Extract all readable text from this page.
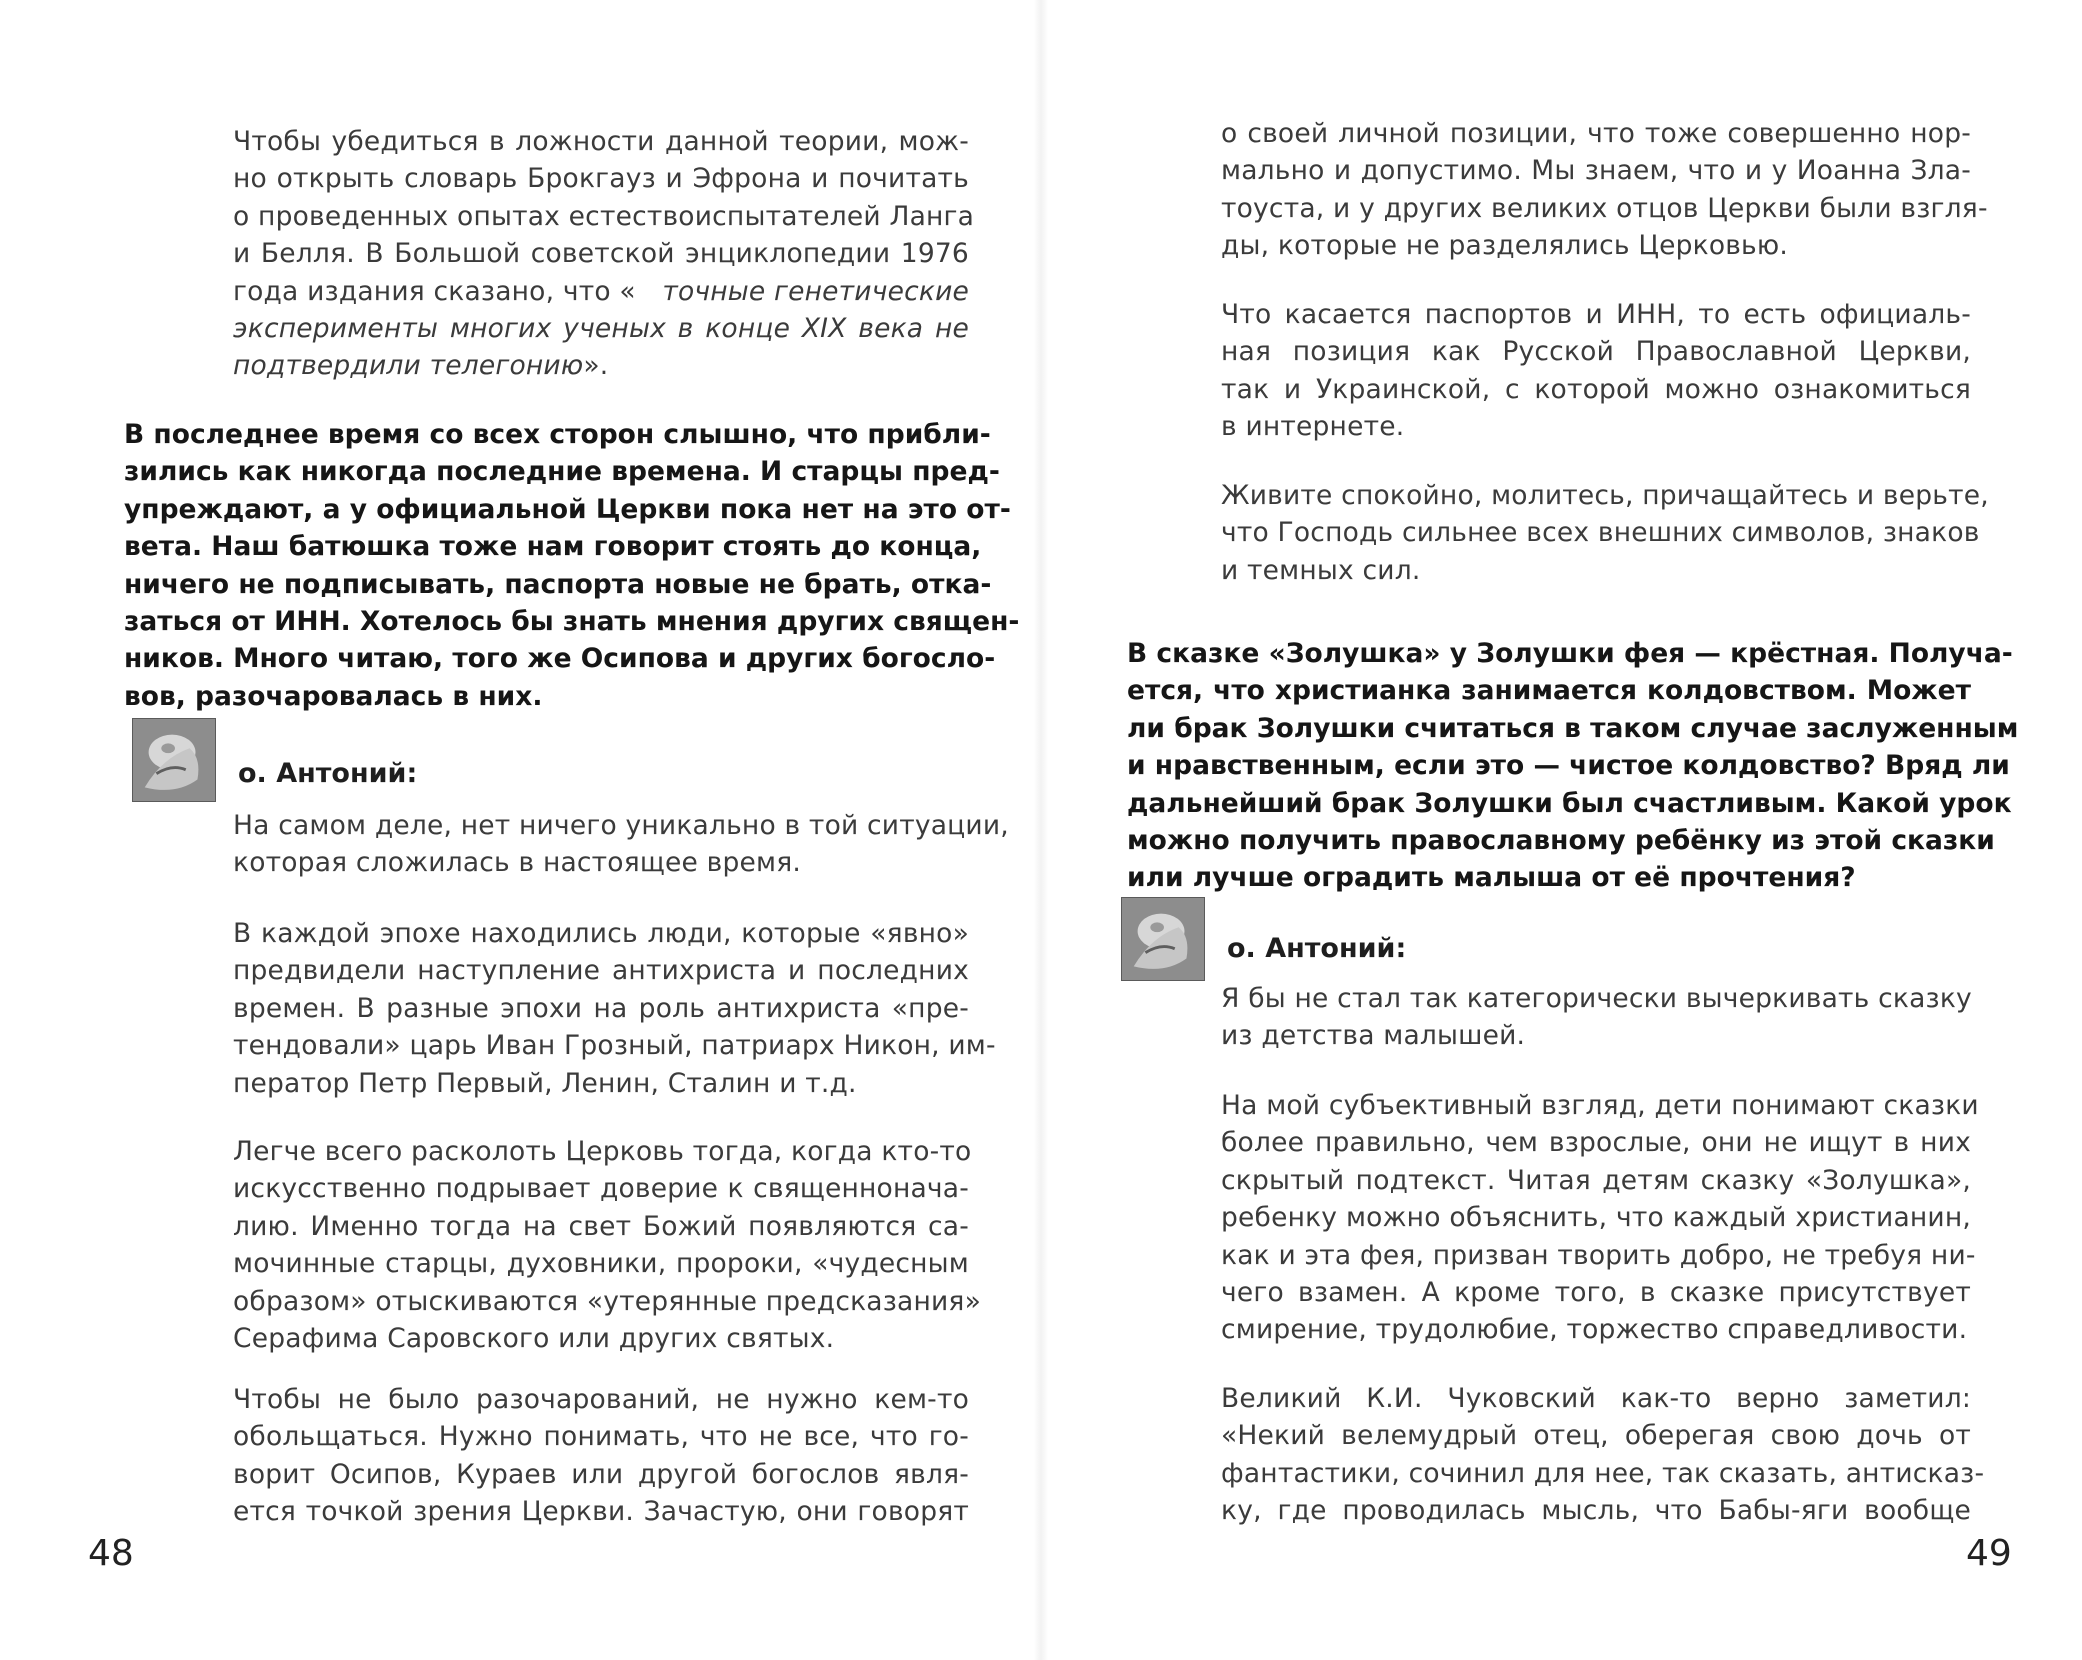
Чтобы убедиться в ложности данной теории, мож-
но открыть словарь Брокгауз и Эфрона и почитать
о проведенных опытах естествоиспытателей Ланга
и Белля. В Большой советской энциклопедии 1976
года издания сказано, что « точные генетические
эксперименты многих ученых в конце XIX века не
подтвердили телегонию».
В последнее время со всех сторон слышно, что прибли-
зились как никогда последние времена. И старцы пред-
упреждают, а у официальной Церкви пока нет на это от-
вета. Наш батюшка тоже нам говорит стоять до конца,
ничего не подписывать, паспорта новые не брать, отка-
заться от ИНН. Хотелось бы знать мнения других священ-
ников. Много читаю, того же Осипова и других богосло-
вов, разочаровалась в них.
о. Антоний:
На самом деле, нет ничего уникально в той ситуации,
которая сложилась в настоящее время.
В каждой эпохе находились люди, которые «явно»
предвидели наступление антихриста и последних
времен. В разные эпохи на роль антихриста «пре-
тендовали» царь Иван Грозный, патриарх Никон, им-
ператор Петр Первый, Ленин, Сталин и т.д.
Легче всего расколоть Церковь тогда, когда кто-то
искусственно подрывает доверие к священноначa-
лию. Именно тогда на свет Божий появляются са-
мочинные старцы, духовники, пророки, «чудесным
образом» отыскиваются «утерянные предсказания»
Серафима Саровского или других святых.
Чтобы не было разочарований, не нужно кем-то
обольщаться. Нужно понимать, что не все, что го-
ворит Осипов, Кураев или другой богослов явля-
ется точкой зрения Церкви. Зачастую, они говорят
48
о своей личной позиции, что тоже совершенно нор-
мально и допустимо. Мы знаем, что и у Иоанна Зла-
тоуста, и у других великих отцов Церкви были взгля-
ды, которые не разделялись Церковью.
Что касается паспортов и ИНН, то есть официаль-
ная позиция как Русской Православной Церкви,
так и Украинской, с которой можно ознакомиться
в интернете.
Живите спокойно, молитесь, причащайтесь и верьте,
что Господь сильнее всех внешних символов, знаков
и темных сил.
В сказке «Золушка» у Золушки фея — крёстная. Получа-
ется, что христианка занимается колдовством. Может
ли брак Золушки считаться в таком случае заслуженным
и нравственным, если это — чистое колдовство? Вряд ли
дальнейший брак Золушки был счастливым. Какой урок
можно получить православному ребёнку из этой сказки
или лучше оградить малыша от её прочтения?
о. Антоний:
Я бы не стал так категорически вычеркивать сказку
из детства малышей.
На мой субъективный взгляд, дети понимают сказки
более правильно, чем взрослые, они не ищут в них
скрытый подтекст. Читая детям сказку «Золушка»,
ребенку можно объяснить, что каждый христианин,
как и эта фея, призван творить добро, не требуя ни-
чего взамен. А кроме того, в сказке присутствует
смирение, трудолюбие, торжество справедливости.
Великий К.И. Чуковский как-то верно заметил:
«Некий велемудрый отец, оберегая свою дочь от
фантастики, сочинил для нее, так сказать, антисказ-
ку, где проводилась мысль, что Бабы-яги вообще
49
